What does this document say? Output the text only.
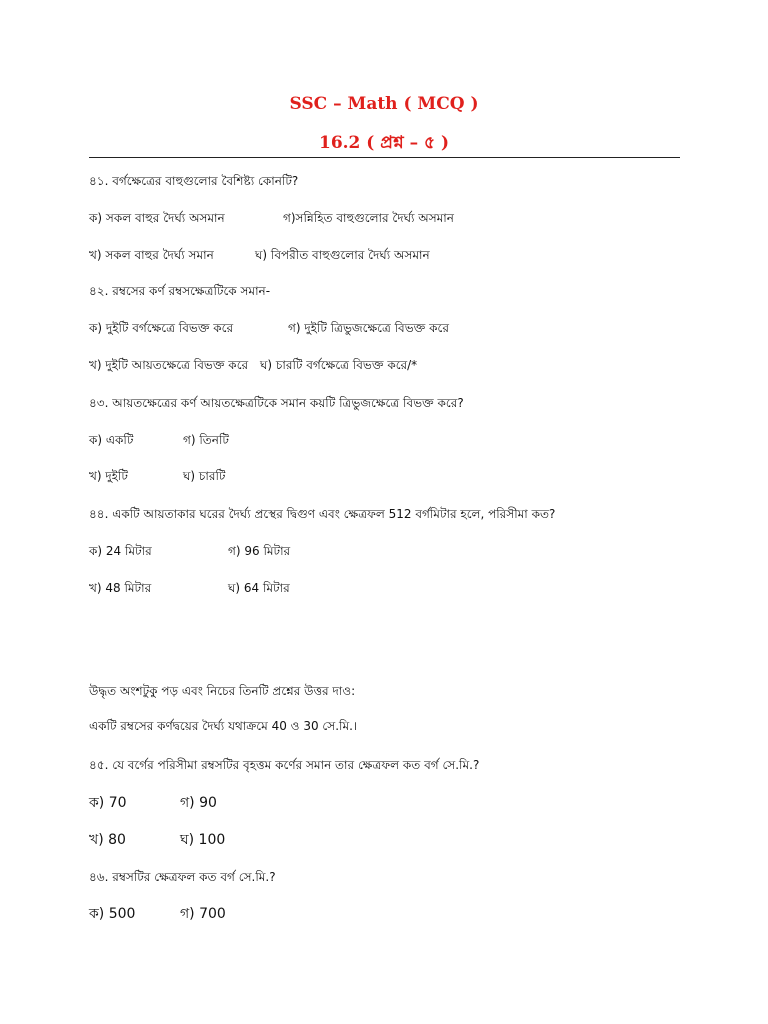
SSC – Math ( MCQ )
16.2 ( প্রশ্ন – ৫ )
৪১. বর্গক্ষেত্রের বাহুগুলোর বৈশিষ্ট্য কোনটি?
ক) সকল বাহুর দৈর্ঘ্য অসমান	গ)সন্নিহিত বাহুগুলোর দৈর্ঘ্য অসমান
খ) সকল বাহুর দৈর্ঘ্য সমান	ঘ) বিপরীত বাহুগুলোর দৈর্ঘ্য অসমান
৪২. রম্বসের কর্ণ রম্বসক্ষেত্রটিকে সমান-
ক) দুইটি বর্গক্ষেত্রে বিভক্ত করে	গ) দুইটি ত্রিভুজক্ষেত্রে বিভক্ত করে
খ) দুইটি আয়তক্ষেত্রে বিভক্ত করে ঘ) চারটি বর্গক্ষেত্রে বিভক্ত করে/*
৪৩. আয়তক্ষেত্রের কর্ণ আয়তক্ষেত্রটিকে সমান কয়টি ত্রিভুজক্ষেত্রে বিভক্ত করে?
ক) একটি	গ) তিনটি
খ) দুইটি	ঘ) চারটি
৪৪. একটি আয়তাকার ঘরের দৈর্ঘ্য প্রস্থের দ্বিগুণ এবং ক্ষেত্রফল 512 বর্গমিটার হলে, পরিসীমা কত?
ক) 24 মিটার	গ) 96 মিটার
খ) 48 মিটার	ঘ) 64 মিটার
উদ্ধৃত অংশটুকু পড় এবং নিচের তিনটি প্রশ্নের উত্তর দাও:
একটি রম্বসের কর্ণদ্বয়ের দৈর্ঘ্য যথাক্রমে 40 ও 30 সে.মি.।
৪৫. যে বর্গের পরিসীমা রম্বসটির বৃহত্তম কর্ণের সমান তার ক্ষেত্রফল কত বর্গ সে.মি.?
ক) 70	গ) 90
খ) 80	ঘ) 100
৪৬. রম্বসটির ক্ষেত্রফল কত বর্গ সে.মি.?
ক) 500	গ) 700
